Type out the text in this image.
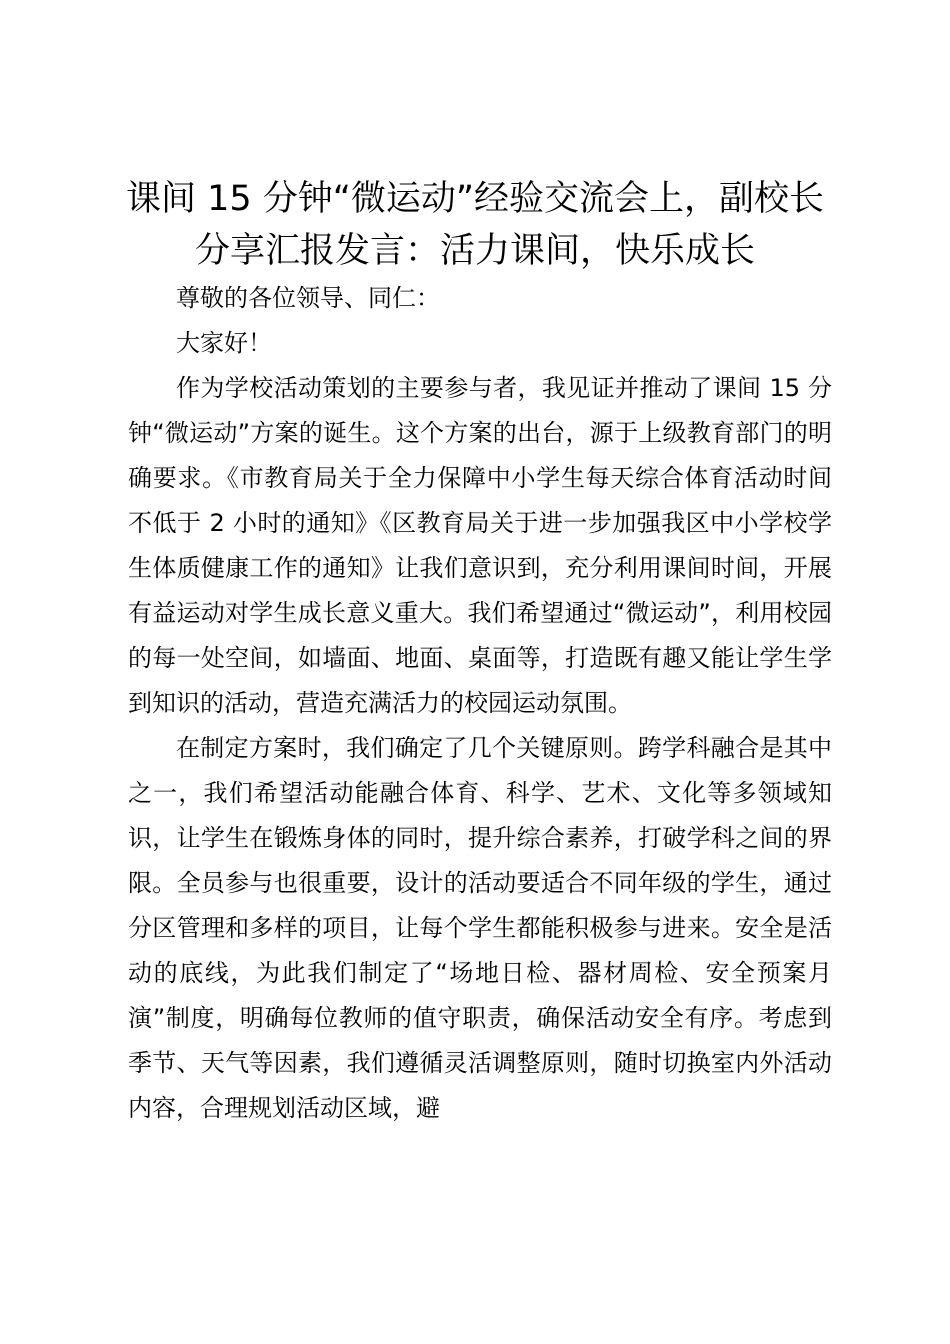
课间 15 分钟“微运动”经验交流会上，副校长分享汇报发言：活力课间，快乐成长

尊敬的各位领导、同仁：

大家好！

作为学校活动策划的主要参与者，我见证并推动了课间 15 分钟“微运动”方案的诞生。这个方案的出台，源于上级教育部门的明确要求。《市教育局关于全力保障中小学生每天综合体育活动时间不低于 2 小时的通知》《区教育局关于进一步加强我区中小学校学生体质健康工作的通知》让我们意识到，充分利用课间时间，开展有益运动对学生成长意义重大。我们希望通过“微运动”，利用校园的每一处空间，如墙面、地面、桌面等，打造既有趣又能让学生学到知识的活动，营造充满活力的校园运动氛围。

在制定方案时，我们确定了几个关键原则。跨学科融合是其中之一，我们希望活动能融合体育、科学、艺术、文化等多领域知识，让学生在锻炼身体的同时，提升综合素养，打破学科之间的界限。全员参与也很重要，设计的活动要适合不同年级的学生，通过分区管理和多样的项目，让每个学生都能积极参与进来。安全是活动的底线，为此我们制定了“场地日检、器材周检、安全预案月演”制度，明确每位教师的值守职责，确保活动安全有序。考虑到季节、天气等因素，我们遵循灵活调整原则，随时切换室内外活动内容，合理规划活动区域，避
